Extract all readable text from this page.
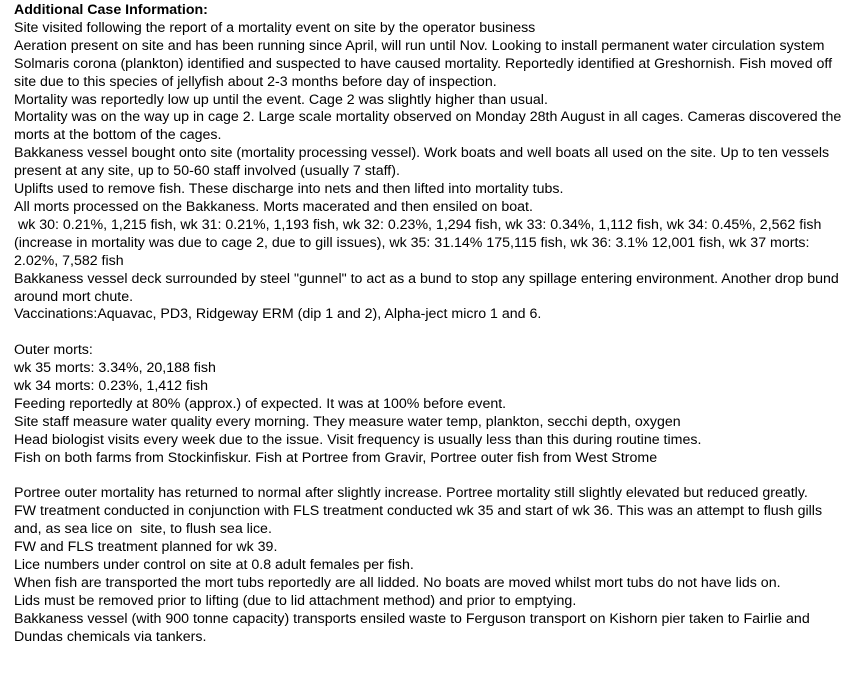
Additional Case Information:

Site visited following the report of a mortality event on site by the operator business

Aeration present on site and has been running since April, will run until Nov. Looking to install permanent water circulation system

Solmaris corona (plankton) identified and suspected to have caused mortality. Reportedly identified at Greshornish. Fish moved off site due to this species of jellyfish about 2-3 months before day of inspection.

Mortality was reportedly low up until the event. Cage 2 was slightly higher than usual.

Mortality was on the way up in cage 2. Large scale mortality observed on Monday 28th August in all cages. Cameras discovered the morts at the bottom of the cages.

Bakkaness vessel bought onto site (mortality processing vessel). Work boats and well boats all used on the site. Up to ten vessels present at any site, up to 50-60 staff involved (usually 7 staff).

Uplifts used to remove fish. These discharge into nets and then lifted into mortality tubs.

All morts processed on the Bakkaness. Morts macerated and then ensiled on boat.

wk 30: 0.21%, 1,215 fish, wk 31: 0.21%, 1,193 fish, wk 32: 0.23%, 1,294 fish, wk 33: 0.34%, 1,112 fish, wk 34: 0.45%, 2,562 fish (increase in mortality was due to cage 2, due to gill issues), wk 35: 31.14% 175,115 fish, wk 36: 3.1% 12,001 fish, wk 37 morts: 2.02%, 7,582 fish

Bakkaness vessel deck surrounded by steel "gunnel" to act as a bund to stop any spillage entering environment. Another drop bund around mort chute.

Vaccinations:Aquavac, PD3, Ridgeway ERM (dip 1 and 2), Alpha-ject micro 1 and 6.

Outer morts:

wk 35 morts: 3.34%, 20,188 fish

wk 34 morts: 0.23%, 1,412 fish

Feeding reportedly at 80% (approx.) of expected. It was at 100% before event.

Site staff measure water quality every morning. They measure water temp, plankton, secchi depth, oxygen

Head biologist visits every week due to the issue. Visit frequency is usually less than this during routine times.

Fish on both farms from Stockinfiskur. Fish at Portree from Gravir, Portree outer fish from West Strome

Portree outer mortality has returned to normal after slightly increase. Portree mortality still slightly elevated but reduced greatly.

FW treatment conducted in conjunction with FLS treatment conducted wk 35 and start of wk 36. This was an attempt to flush gills and, as sea lice on  site, to flush sea lice.

FW and FLS treatment planned for wk 39.

Lice numbers under control on site at 0.8 adult females per fish.

When fish are transported the mort tubs reportedly are all lidded. No boats are moved whilst mort tubs do not have lids on.

Lids must be removed prior to lifting (due to lid attachment method) and prior to emptying.

Bakkaness vessel (with 900 tonne capacity) transports ensiled waste to Ferguson transport on Kishorn pier taken to Fairlie and Dundas chemicals via tankers.
